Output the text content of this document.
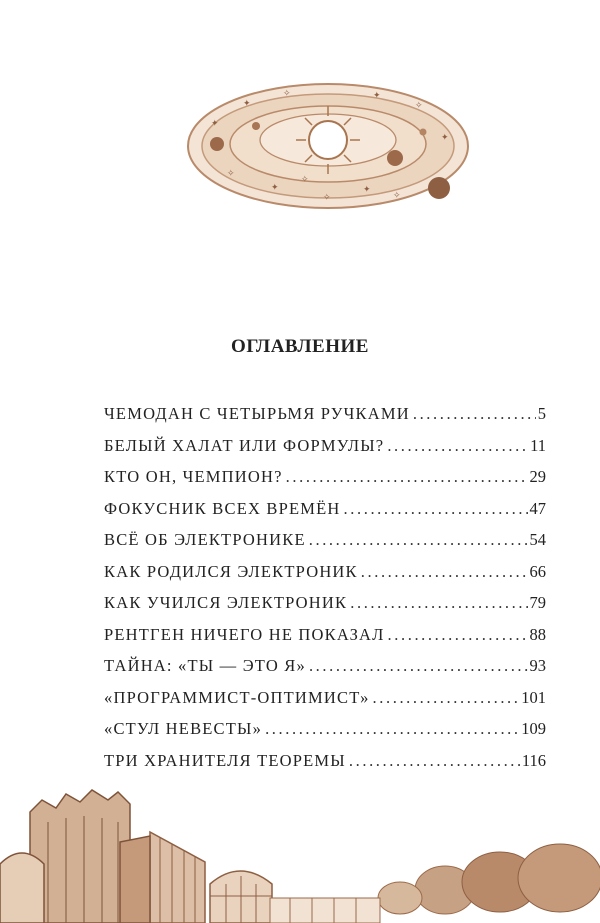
✦
✧	✦
✧
✦
✧
✦
✧
✦
✧
✦
✧
ОГЛАВЛЕНИЕ
ЧЕМОДАН С ЧЕТЫРЬМЯ РУЧКАМИ .....	5
БЕЛЫЙ ХАЛАТ ИЛИ ФОРМУЛЫ? .....	11
КТО ОН, ЧЕМПИОН? .....	29
ФОКУСНИК ВСЕХ ВРЕМЁН .....	47
ВСЁ ОБ ЭЛЕКТРОНИКЕ .....	54
КАК РОДИЛСЯ ЭЛЕКТРОНИК .....	66
КАК УЧИЛСЯ ЭЛЕКТРОНИК .....	79
РЕНТГЕН НИЧЕГО НЕ ПОКАЗАЛ .....	88
ТАЙНА: «ТЫ — ЭТО Я» .....	93
«ПРОГРАММИСТ-ОПТИМИСТ» .....	101
«СТУЛ НЕВЕСТЫ» .....	109
ТРИ ХРАНИТЕЛЯ ТЕОРЕМЫ .....	116
